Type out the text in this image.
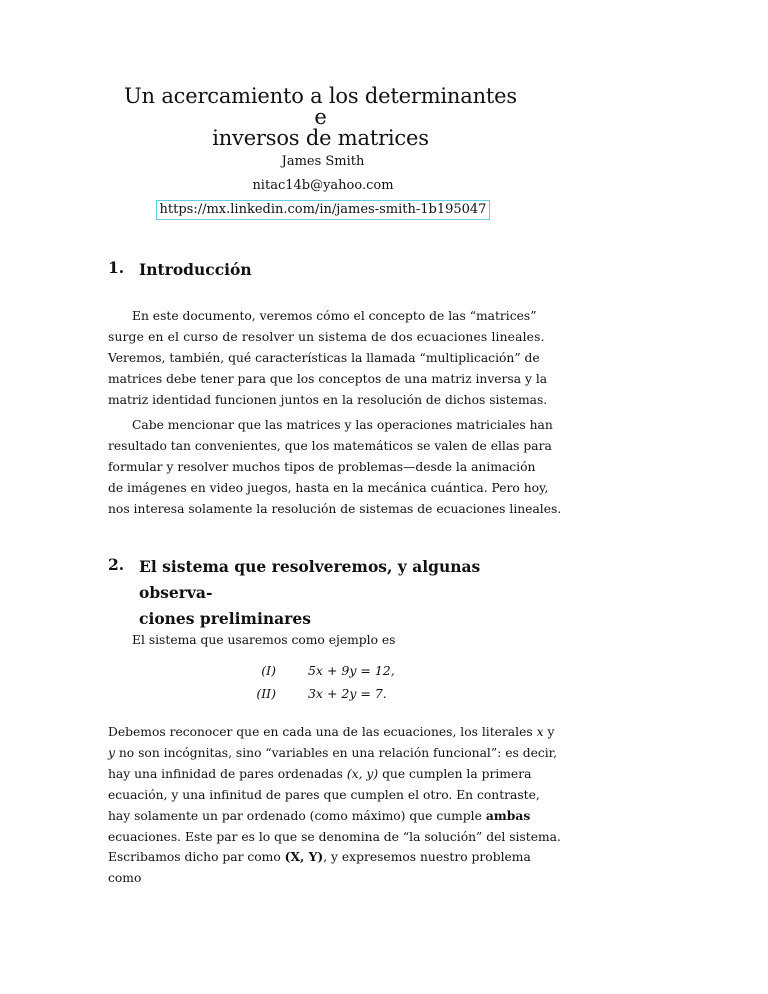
Un acercamiento a los determinantes e
inversos de matrices
James Smith
nitac14b@yahoo.com
https://mx.linkedin.com/in/james-smith-1b195047
1. Introducción
En este documento, veremos cómo el concepto de las “matrices”
surge en el curso de resolver un sistema de dos ecuaciones lineales.
Veremos, también, qué características la llamada “multiplicación” de
matrices debe tener para que los conceptos de una matriz inversa y la
matriz identidad funcionen juntos en la resolución de dichos sistemas.
Cabe mencionar que las matrices y las operaciones matriciales han
resultado tan convenientes, que los matemáticos se valen de ellas para
formular y resolver muchos tipos de problemas—desde la animación
de imágenes en video juegos, hasta en la mecánica cuántica. Pero hoy,
nos interesa solamente la resolución de sistemas de ecuaciones lineales.
2. El sistema que resolveremos, y algunas observa-
ciones preliminares
El sistema que usaremos como ejemplo es
(I)	5x + 9y = 12,
(II)	3x + 2y = 7.
Debemos reconocer que en cada una de las ecuaciones, los literales x y
y no son incógnitas, sino “variables en una relación funcional”: es decir,
hay una infinidad de pares ordenadas (x, y) que cumplen la primera
ecuación, y una infinitud de pares que cumplen el otro. En contraste,
hay solamente un par ordenado (como máximo) que cumple ambas
ecuaciones. Este par es lo que se denomina de “la solución” del sistema.
Escribamos dicho par como (X, Y), y expresemos nuestro problema
como
